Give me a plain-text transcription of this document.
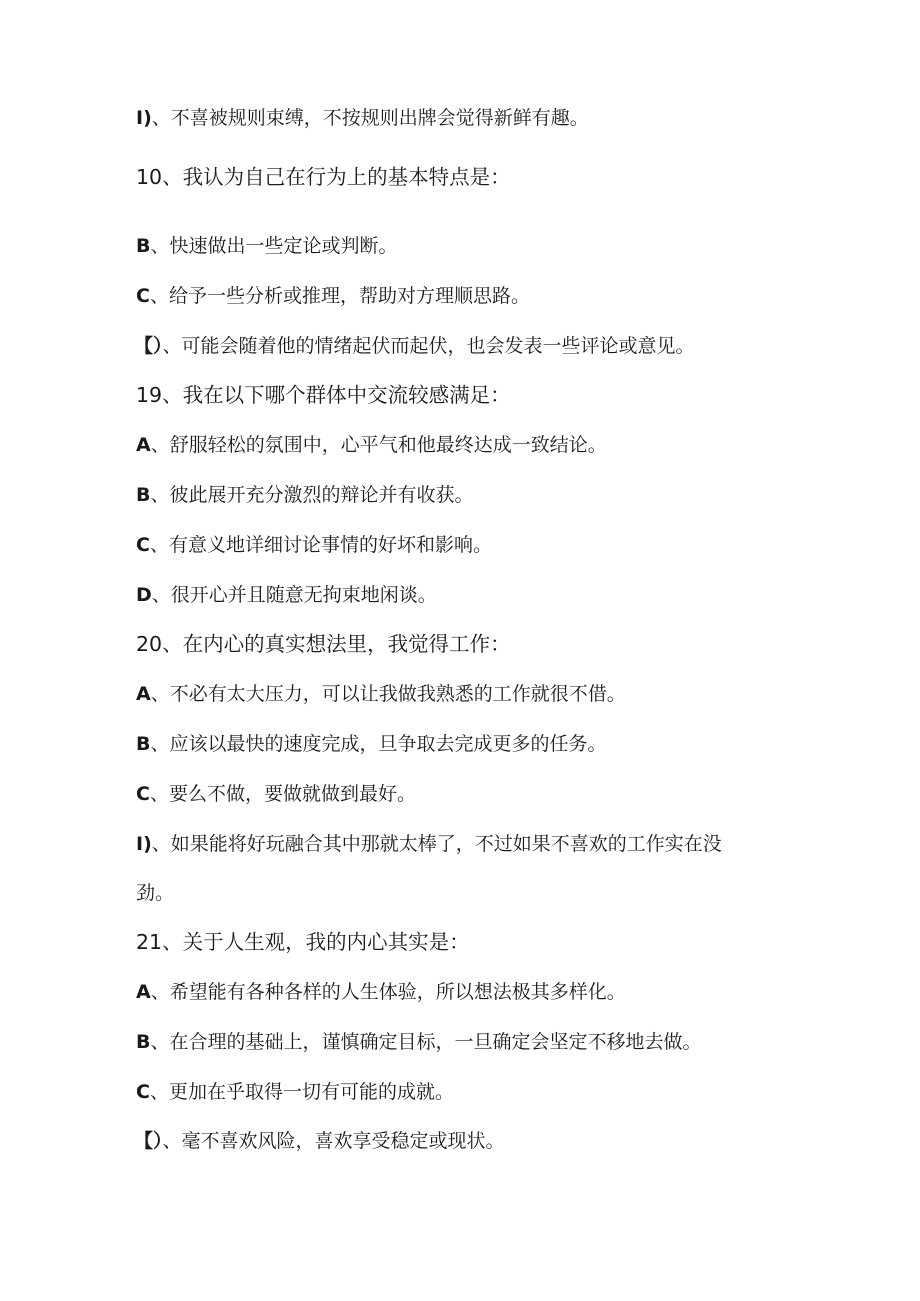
I)、不喜被规则束缚，不按规则出牌会觉得新鲜有趣。
10、我认为自己在行为上的基本特点是：
B、快速做出一些定论或判断。
C、给予一些分析或推理，帮助对方理顺思路。
【）、可能会随着他的情绪起伏而起伏，也会发表一些评论或意见。
19、我在以下哪个群体中交流较感满足：
A、舒服轻松的氛围中，心平气和他最终达成一致结论。
B、彼此展开充分激烈的辩论并有收获。
C、有意义地详细讨论事情的好坏和影响。
D、很开心并且随意无拘束地闲谈。
20、在内心的真实想法里，我觉得工作：
A、不必有太大压力，可以让我做我熟悉的工作就很不借。
B、应该以最快的速度完成，旦争取去完成更多的任务。
C、要么不做，要做就做到最好。
I)、如果能将好玩融合其中那就太棒了，不过如果不喜欢的工作实在没
劲。
21、关于人生观，我的内心其实是：
A、希望能有各种各样的人生体验，所以想法极其多样化。
B、在合理的基础上，谨慎确定目标，一旦确定会坚定不移地去做。
C、更加在乎取得一切有可能的成就。
【）、毫不喜欢风险，喜欢享受稳定或现状。
